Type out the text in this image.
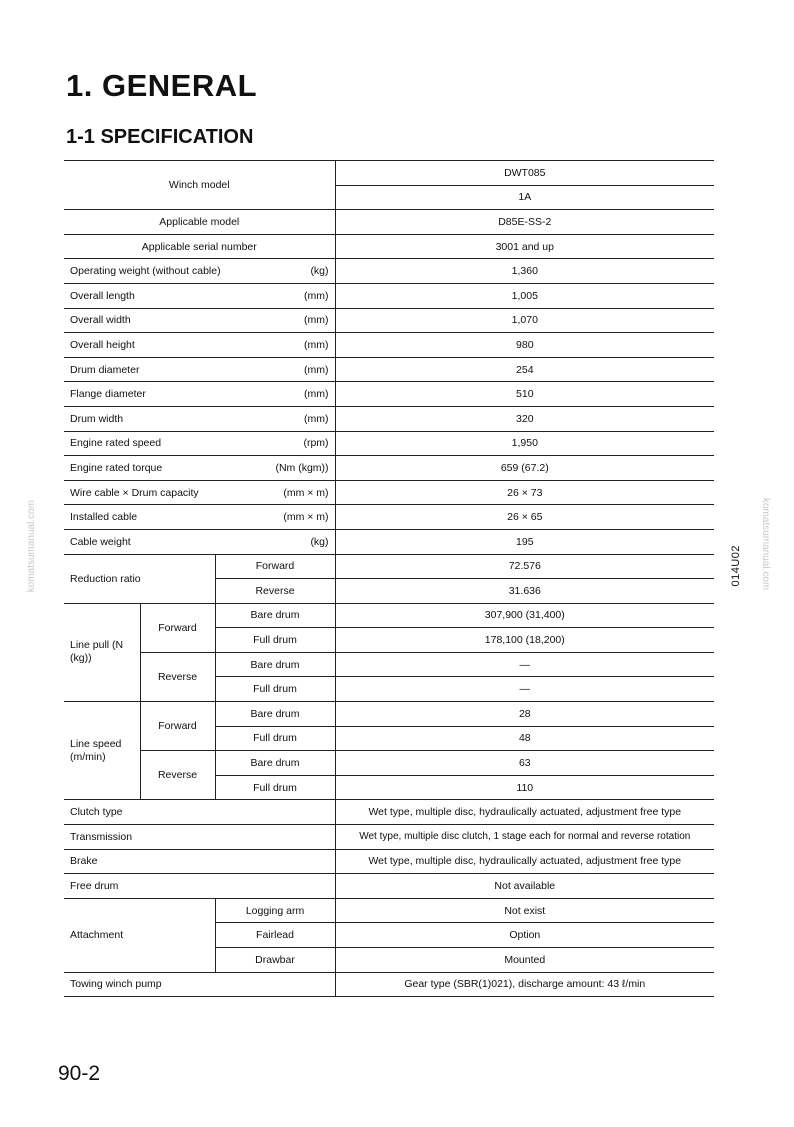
1. GENERAL
1-1 SPECIFICATION
Winch model			DWT085
			1A
Applicable model			D85E-SS-2
Applicable serial number			3001 and up
Operating weight (without cable) (kg)			1,360
Overall length (mm)			1,005
Overall width (mm)			1,070
Overall height (mm)			980
Drum diameter (mm)			254
Flange diameter (mm)			510
Drum width (mm)			320
Engine rated speed (rpm)			1,950
Engine rated torque (Nm (kgm))			659 (67.2)
Wire cable × Drum capacity (mm × m)			26 × 73
Installed cable (mm × m)			26 × 65
Cable weight (kg)			195
Reduction ratio		Forward	72.576
		Reverse	31.636
Line pull (N (kg))	Forward	Bare drum	307,900 (31,400)
		Full drum	178,100 (18,200)
	Reverse	Bare drum	—
		Full drum	—
Line speed (m/min)	Forward	Bare drum	28
		Full drum	48
	Reverse	Bare drum	63
		Full drum	110
Clutch type			Wet type, multiple disc, hydraulically actuated, adjustment free type
Transmission			Wet type, multiple disc clutch, 1 stage each for normal and reverse rotation
Brake			Wet type, multiple disc, hydraulically actuated, adjustment free type
Free drum			Not available
Attachment		Logging arm	Not exist
		Fairlead	Option
		Drawbar	Mounted
Towing winch pump			Gear type (SBR(1)021), discharge amount: 43 ℓ/min
014U02
komatsumanual.com	komatsumanual.com
90-2
